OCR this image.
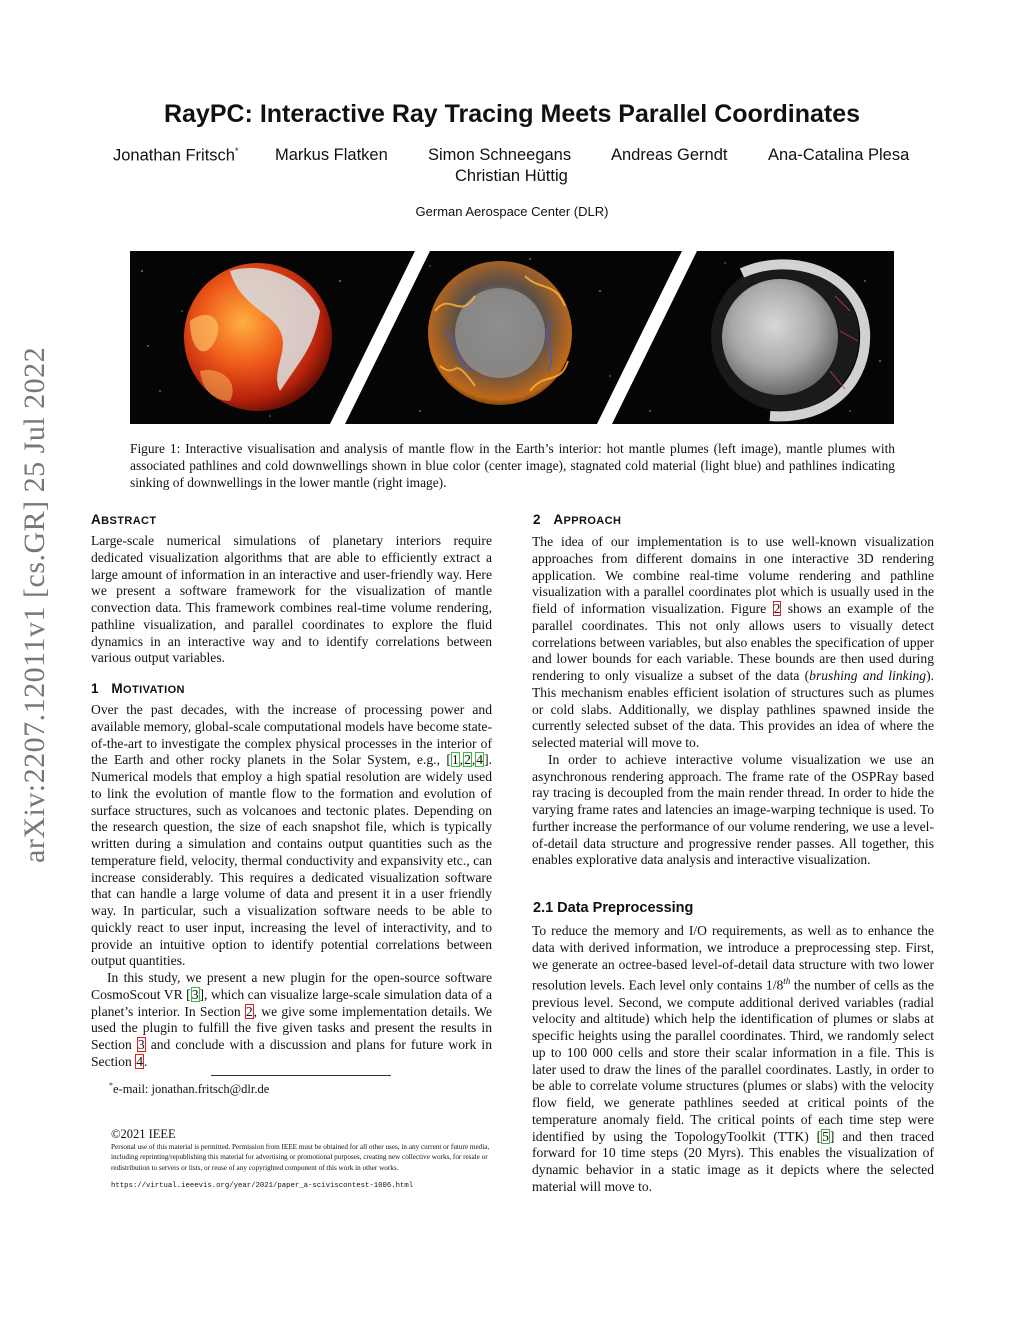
arXiv:2207.12011v1 [cs.GR] 25 Jul 2022
RayPC: Interactive Ray Tracing Meets Parallel Coordinates
Jonathan Fritsch* Markus Flatken Simon Schneegans Andreas Gerndt Ana-Catalina Plesa
Christian Hüttig
German Aerospace Center (DLR)
Figure 1: Interactive visualisation and analysis of mantle flow in the Earth’s interior: hot mantle plumes (left image), mantle plumes with associated pathlines and cold downwellings shown in blue color (center image), stagnated cold material (light blue) and pathlines indicating sinking of downwellings in the lower mantle (right image).
ABSTRACT

Large-scale numerical simulations of planetary interiors require dedicated visualization algorithms that are able to efficiently extract a large amount of information in an interactive and user-friendly way. Here we present a software framework for the visualization of mantle convection data. This framework combines real-time volume rendering, pathline visualization, and parallel coordinates to explore the fluid dynamics in an interactive way and to identify correlations between various output variables.

1 MOTIVATION

Over the past decades, with the increase of processing power and available memory, global-scale computational models have become state-of-the-art to investigate the complex physical processes in the interior of the Earth and other rocky planets in the Solar System, e.g., [1,2,4]. Numerical models that employ a high spatial resolution are widely used to link the evolution of mantle flow to the formation and evolution of surface structures, such as volcanoes and tectonic plates. Depending on the research question, the size of each snapshot file, which is typically written during a simulation and contains output quantities such as the temperature field, velocity, thermal conductivity and expansivity etc., can increase considerably. This requires a dedicated visualization software that can handle a large volume of data and present it in a user friendly way. In particular, such a visualization software needs to be able to quickly react to user input, increasing the level of interactivity, and to provide an intuitive option to identify potential correlations between output quantities.

In this study, we present a new plugin for the open-source software CosmoScout VR [3], which can visualize large-scale simulation data of a planet’s interior. In Section 2, we give some implementation details. We used the plugin to fulfill the five given tasks and present the results in Section 3 and conclude with a discussion and plans for future work in Section 4.

*e-mail: jonathan.fritsch@dlr.de
©2021 IEEE
Personal use of this material is permitted. Permission from IEEE must be obtained for all other uses, in any current or future media, including reprinting/republishing this material for advertising or promotional purposes, creating new collective works, for resale or redistribution to servers or lists, or reuse of any copyrighted component of this work in other works.
https://virtual.ieeevis.org/year/2021/paper_a-sciviscontest-1006.html
2 APPROACH

The idea of our implementation is to use well-known visualization approaches from different domains in one interactive 3D rendering application. We combine real-time volume rendering and pathline visualization with a parallel coordinates plot which is usually used in the field of information visualization. Figure 2 shows an example of the parallel coordinates. This not only allows users to visually detect correlations between variables, but also enables the specification of upper and lower bounds for each variable. These bounds are then used during rendering to only visualize a subset of the data (brushing and linking). This mechanism enables efficient isolation of structures such as plumes or cold slabs. Additionally, we display pathlines spawned inside the currently selected subset of the data. This provides an idea of where the selected material will move to.

In order to achieve interactive volume visualization we use an asynchronous rendering approach. The frame rate of the OSPRay based ray tracing is decoupled from the main render thread. In order to hide the varying frame rates and latencies an image-warping technique is used. To further increase the performance of our volume rendering, we use a level-of-detail data structure and progressive render passes. All together, this enables explorative data analysis and interactive visualization.

2.1 Data Preprocessing

To reduce the memory and I/O requirements, as well as to enhance the data with derived information, we introduce a preprocessing step. First, we generate an octree-based level-of-detail data structure with two lower resolution levels. Each level only contains 1/8th the number of cells as the previous level. Second, we compute additional derived variables (radial velocity and altitude) which help the identification of plumes or slabs at specific heights using the parallel coordinates. Third, we randomly select up to 100 000 cells and store their scalar information in a file. This is later used to draw the lines of the parallel coordinates. Lastly, in order to be able to correlate volume structures (plumes or slabs) with the velocity flow field, we generate pathlines seeded at critical points of the temperature anomaly field. The critical points of each time step were identified by using the TopologyToolkit (TTK) [5] and then traced forward for 10 time steps (20 Myrs). This enables the visualization of dynamic behavior in a static image as it depicts where the selected material will move to.
